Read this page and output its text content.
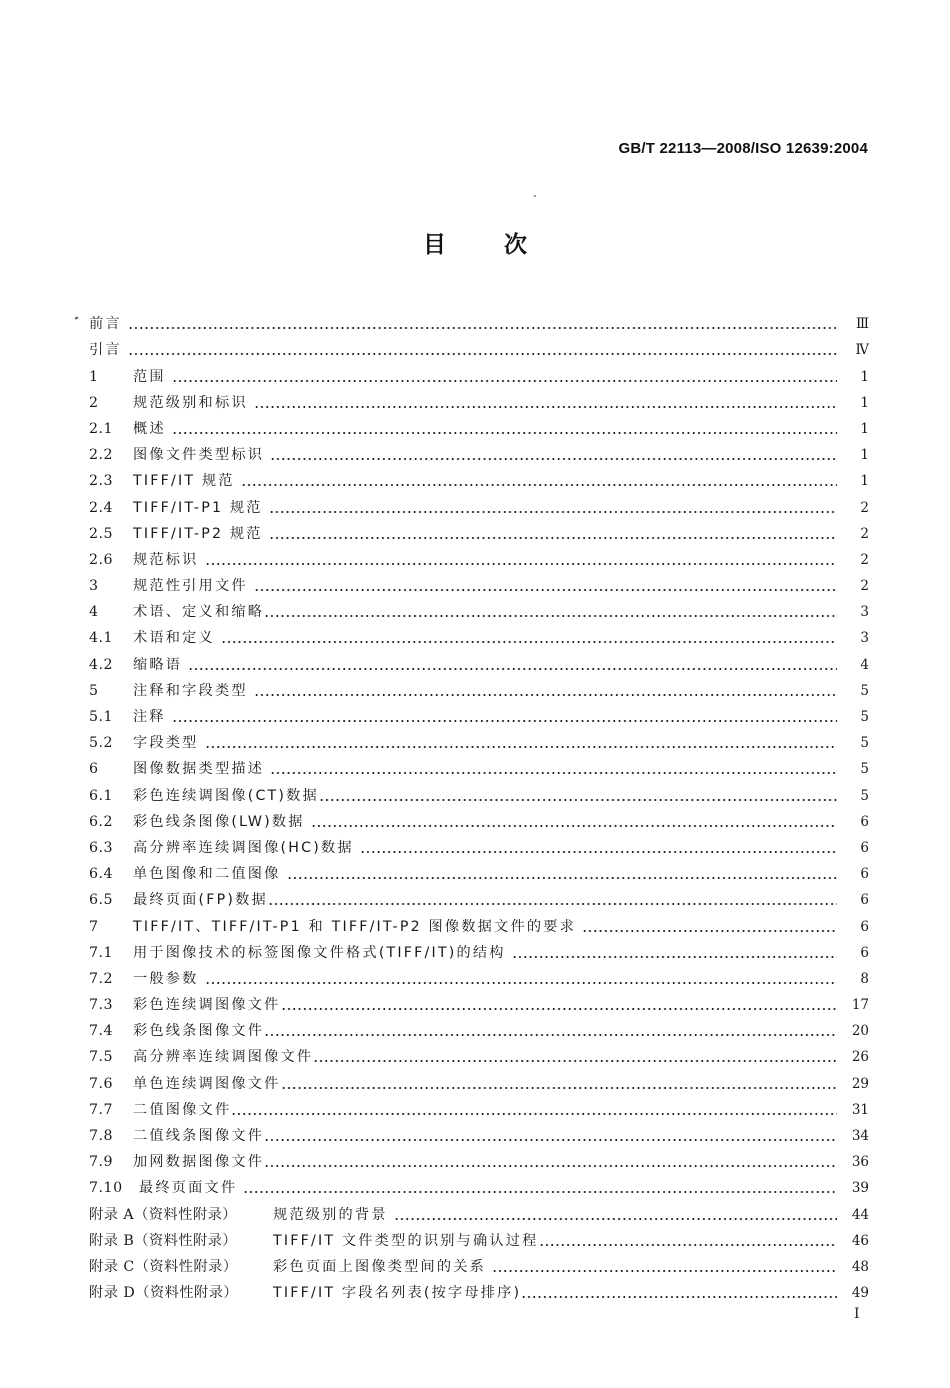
GB/T 22113—2008/ISO 12639:2004
目	次
前言	Ⅲ
引言	Ⅳ
1	范围	1
2	规范级别和标识	1
2.1	概述	1
2.2	图像文件类型标识	1
2.3	TIFF/IT 规范	1
2.4	TIFF/IT-P1 规范	2
2.5	TIFF/IT-P2 规范	2
2.6	规范标识	2
3	规范性引用文件	2
4	术语、定义和缩略	3
4.1	术语和定义	3
4.2	缩略语	4
5	注释和字段类型	5
5.1	注释	5
5.2	字段类型	5
6	图像数据类型描述	5
6.1	彩色连续调图像(CT)数据	5
6.2	彩色线条图像(LW)数据	6
6.3	高分辨率连续调图像(HC)数据	6
6.4	单色图像和二值图像	6
6.5	最终页面(FP)数据	6
7	TIFF/IT、TIFF/IT-P1 和 TIFF/IT-P2 图像数据文件的要求	6
7.1	用于图像技术的标签图像文件格式(TIFF/IT)的结构	6
7.2	一般参数	8
7.3	彩色连续调图像文件	17
7.4	彩色线条图像文件	20
7.5	高分辨率连续调图像文件	26
7.6	单色连续调图像文件	29
7.7	二值图像文件	31
7.8	二值线条图像文件	34
7.9	加网数据图像文件	36
7.10	最终页面文件	39
附录 A（资料性附录）	规范级别的背景	44
附录 B（资料性附录）	TIFF/IT 文件类型的识别与确认过程	46
附录 C（资料性附录）	彩色页面上图像类型间的关系	48
附录 D（资料性附录）	TIFF/IT 字段名列表(按字母排序)	49
I
